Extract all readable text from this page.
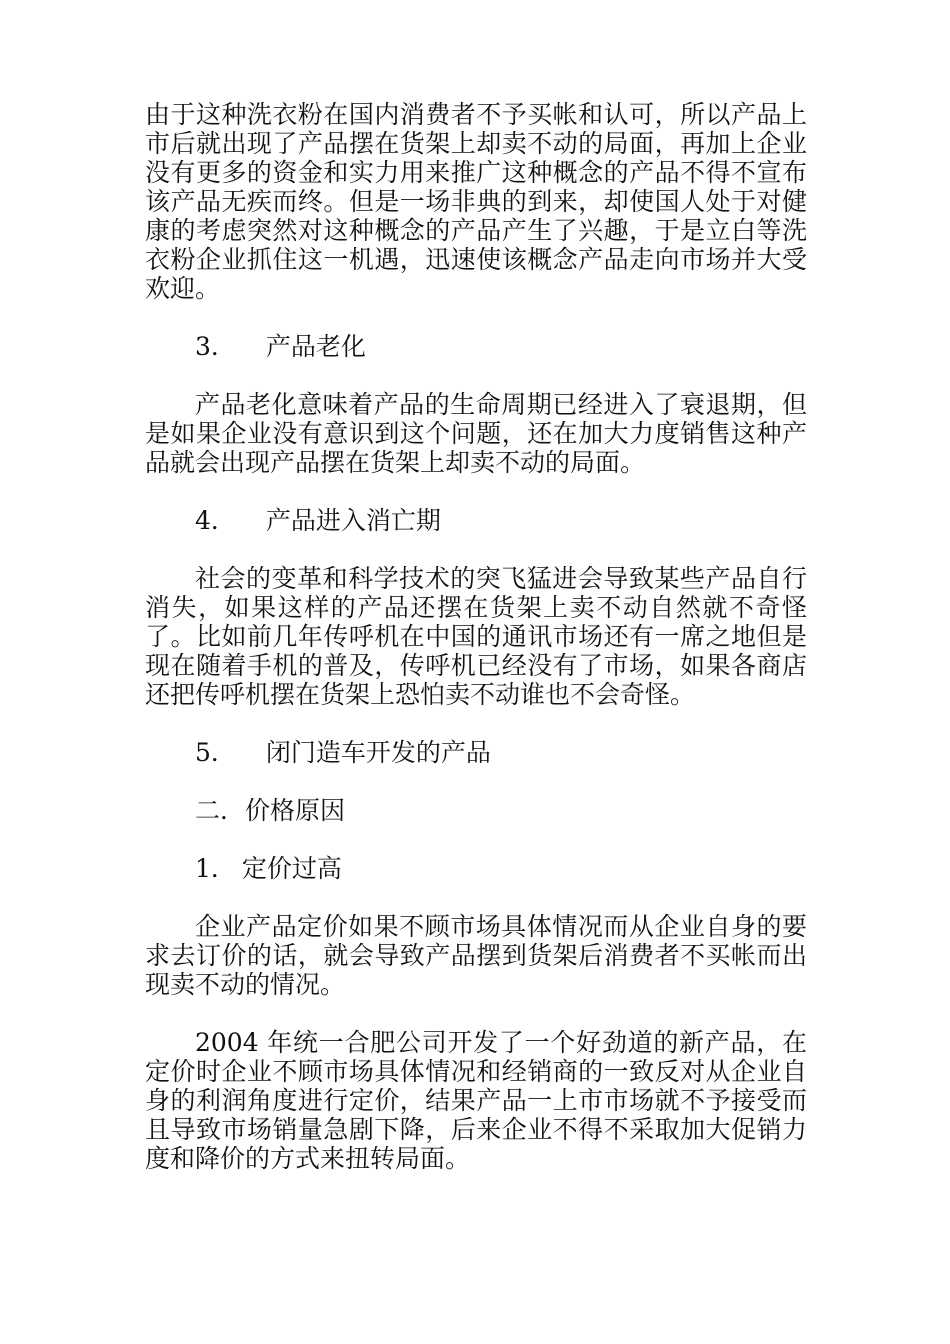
由于这种洗衣粉在国内消费者不予买帐和认可，所以产品上市后就出现了产品摆在货架上却卖不动的局面，再加上企业没有更多的资金和实力用来推广这种概念的产品不得不宣布该产品无疾而终。但是一场非典的到来，却使国人处于对健康的考虑突然对这种概念的产品产生了兴趣，于是立白等洗衣粉企业抓住这一机遇，迅速使该概念产品走向市场并大受欢迎。

3． 产品老化

产品老化意味着产品的生命周期已经进入了衰退期，但是如果企业没有意识到这个问题，还在加大力度销售这种产品就会出现产品摆在货架上却卖不动的局面。

4． 产品进入消亡期

社会的变革和科学技术的突飞猛进会导致某些产品自行消失，如果这样的产品还摆在货架上卖不动自然就不奇怪了。比如前几年传呼机在中国的通讯市场还有一席之地但是现在随着手机的普及，传呼机已经没有了市场，如果各商店还把传呼机摆在货架上恐怕卖不动谁也不会奇怪。

5． 闭门造车开发的产品

二．价格原因

1． 定价过高

企业产品定价如果不顾市场具体情况而从企业自身的要求去订价的话，就会导致产品摆到货架后消费者不买帐而出现卖不动的情况。

2004 年统一合肥公司开发了一个好劲道的新产品，在定价时企业不顾市场具体情况和经销商的一致反对从企业自身的利润角度进行定价，结果产品一上市市场就不予接受而且导致市场销量急剧下降，后来企业不得不采取加大促销力度和降价的方式来扭转局面。
